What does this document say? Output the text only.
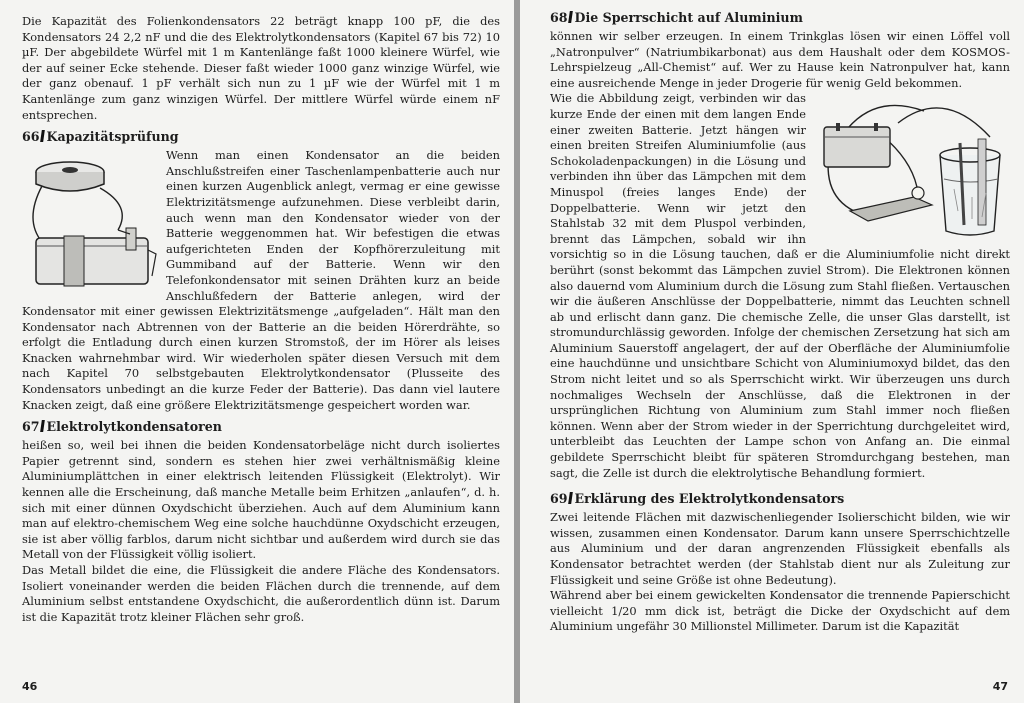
Die Kapazität des Folienkondensators 22 beträgt knapp 100 pF, die des Kondensators 24 2,2 nF und die des Elektrolytkondensators (Kapitel 67 bis 72) 10 µF. Der abgebildete Würfel mit 1 m Kantenlänge faßt 1000 kleinere Würfel, wie der auf seiner Ecke stehende. Dieser faßt wieder 1000 ganz winzige Würfel, wie der ganz obenauf. 1 pF verhält sich nun zu 1 µF wie der Würfel mit 1 m Kantenlänge zum ganz winzigen Würfel. Der mittlere Würfel würde einem nF entsprechen.

66 Kapazitätsprüfung

Wenn man einen Kondensator an die beiden Anschlußstreifen einer Taschenlampenbatterie auch nur einen kurzen Augenblick anlegt, vermag er eine gewisse Elektrizitätsmenge aufzunehmen. Diese verbleibt darin, auch wenn man den Kondensator wieder von der Batterie weggenommen hat. Wir befestigen die etwas aufgerichteten Enden der Kopfhörerzuleitung mit Gummiband auf der Batterie. Wenn wir den Telefonkondensator mit seinen Drähten kurz an beide Anschlußfedern der Batterie anlegen, wird der Kondensator mit einer gewissen Elektrizitätsmenge „aufgeladen“. Hält man den Kondensator nach Abtrennen von der Batterie an die beiden Hörerdrähte, so erfolgt die Entladung durch einen kurzen Stromstoß, der im Hörer als leises Knacken wahrnehmbar wird. Wir wiederholen später diesen Versuch mit dem nach Kapitel 70 selbstgebauten Elektrolytkondensator (Plusseite des Kondensators unbedingt an die kurze Feder der Batterie). Das dann viel lautere Knacken zeigt, daß eine größere Elektrizitätsmenge gespeichert worden war.

67 Elektrolytkondensatoren

heißen so, weil bei ihnen die beiden Kondensatorbeläge nicht durch isoliertes Papier getrennt sind, sondern es stehen hier zwei verhältnismäßig kleine Aluminiumplättchen in einer elektrisch leitenden Flüssigkeit (Elektrolyt). Wir kennen alle die Erscheinung, daß manche Metalle beim Erhitzen „anlaufen“, d. h. sich mit einer dünnen Oxydschicht überziehen. Auch auf dem Aluminium kann man auf elektro-chemischem Weg eine solche hauchdünne Oxydschicht erzeugen, sie ist aber völlig farblos, darum nicht sichtbar und außerdem wird durch sie das Metall von der Flüssigkeit völlig isoliert.

Das Metall bildet die eine, die Flüssigkeit die andere Fläche des Kondensators. Isoliert voneinander werden die beiden Flächen durch die trennende, auf dem Aluminium selbst entstandene Oxydschicht, die außerordentlich dünn ist. Darum ist die Kapazität trotz kleiner Flächen sehr groß.

46
68 Die Sperrschicht auf Aluminium

können wir selber erzeugen. In einem Trinkglas lösen wir einen Löffel voll „Natronpulver“ (Natriumbikarbonat) aus dem Haushalt oder dem KOSMOS-Lehrspielzeug „All-Chemist“ auf. Wer zu Hause kein Natronpulver hat, kann eine ausreichende Menge in jeder Drogerie für wenig Geld bekommen.

Wie die Abbildung zeigt, verbinden wir das kurze Ende der einen mit dem langen Ende einer zweiten Batterie. Jetzt hängen wir einen breiten Streifen Aluminiumfolie (aus Schokoladenpackungen) in die Lösung und verbinden ihn über das Lämpchen mit dem Minuspol (freies langes Ende) der Doppelbatterie. Wenn wir jetzt den Stahlstab 32 mit dem Pluspol verbinden, brennt das Lämpchen, sobald wir ihn vorsichtig so in die Lösung tauchen, daß er die Aluminiumfolie nicht direkt berührt (sonst bekommt das Lämpchen zuviel Strom). Die Elektronen können also dauernd vom Aluminium durch die Lösung zum Stahl fließen. Vertauschen wir die äußeren Anschlüsse der Doppelbatterie, nimmt das Leuchten schnell ab und erlischt dann ganz. Die chemische Zelle, die unser Glas darstellt, ist stromundurchlässig geworden. Infolge der chemischen Zersetzung hat sich am Aluminium Sauerstoff angelagert, der auf der Oberfläche der Aluminiumfolie eine hauchdünne und unsichtbare Schicht von Aluminiumoxyd bildet, das den Strom nicht leitet und so als Sperrschicht wirkt. Wir überzeugen uns durch nochmaliges Wechseln der Anschlüsse, daß die Elektronen in der ursprünglichen Richtung von Aluminium zum Stahl immer noch fließen können. Wenn aber der Strom wieder in der Sperrichtung durchgeleitet wird, unterbleibt das Leuchten der Lampe schon von Anfang an. Die einmal gebildete Sperrschicht bleibt für späteren Stromdurchgang bestehen, man sagt, die Zelle ist durch die elektrolytische Behandlung formiert.

69 Erklärung des Elektrolytkondensators

Zwei leitende Flächen mit dazwischenliegender Isolierschicht bilden, wie wir wissen, zusammen einen Kondensator. Darum kann unsere Sperrschichtzelle aus Aluminium und der daran angrenzenden Flüssigkeit ebenfalls als Kondensator betrachtet werden (der Stahlstab dient nur als Zuleitung zur Flüssigkeit und seine Größe ist ohne Bedeutung).

Während aber bei einem gewickelten Kondensator die trennende Papierschicht vielleicht 1/20 mm dick ist, beträgt die Dicke der Oxydschicht auf dem Aluminium ungefähr 30 Millionstel Millimeter. Darum ist die Kapazität

47
